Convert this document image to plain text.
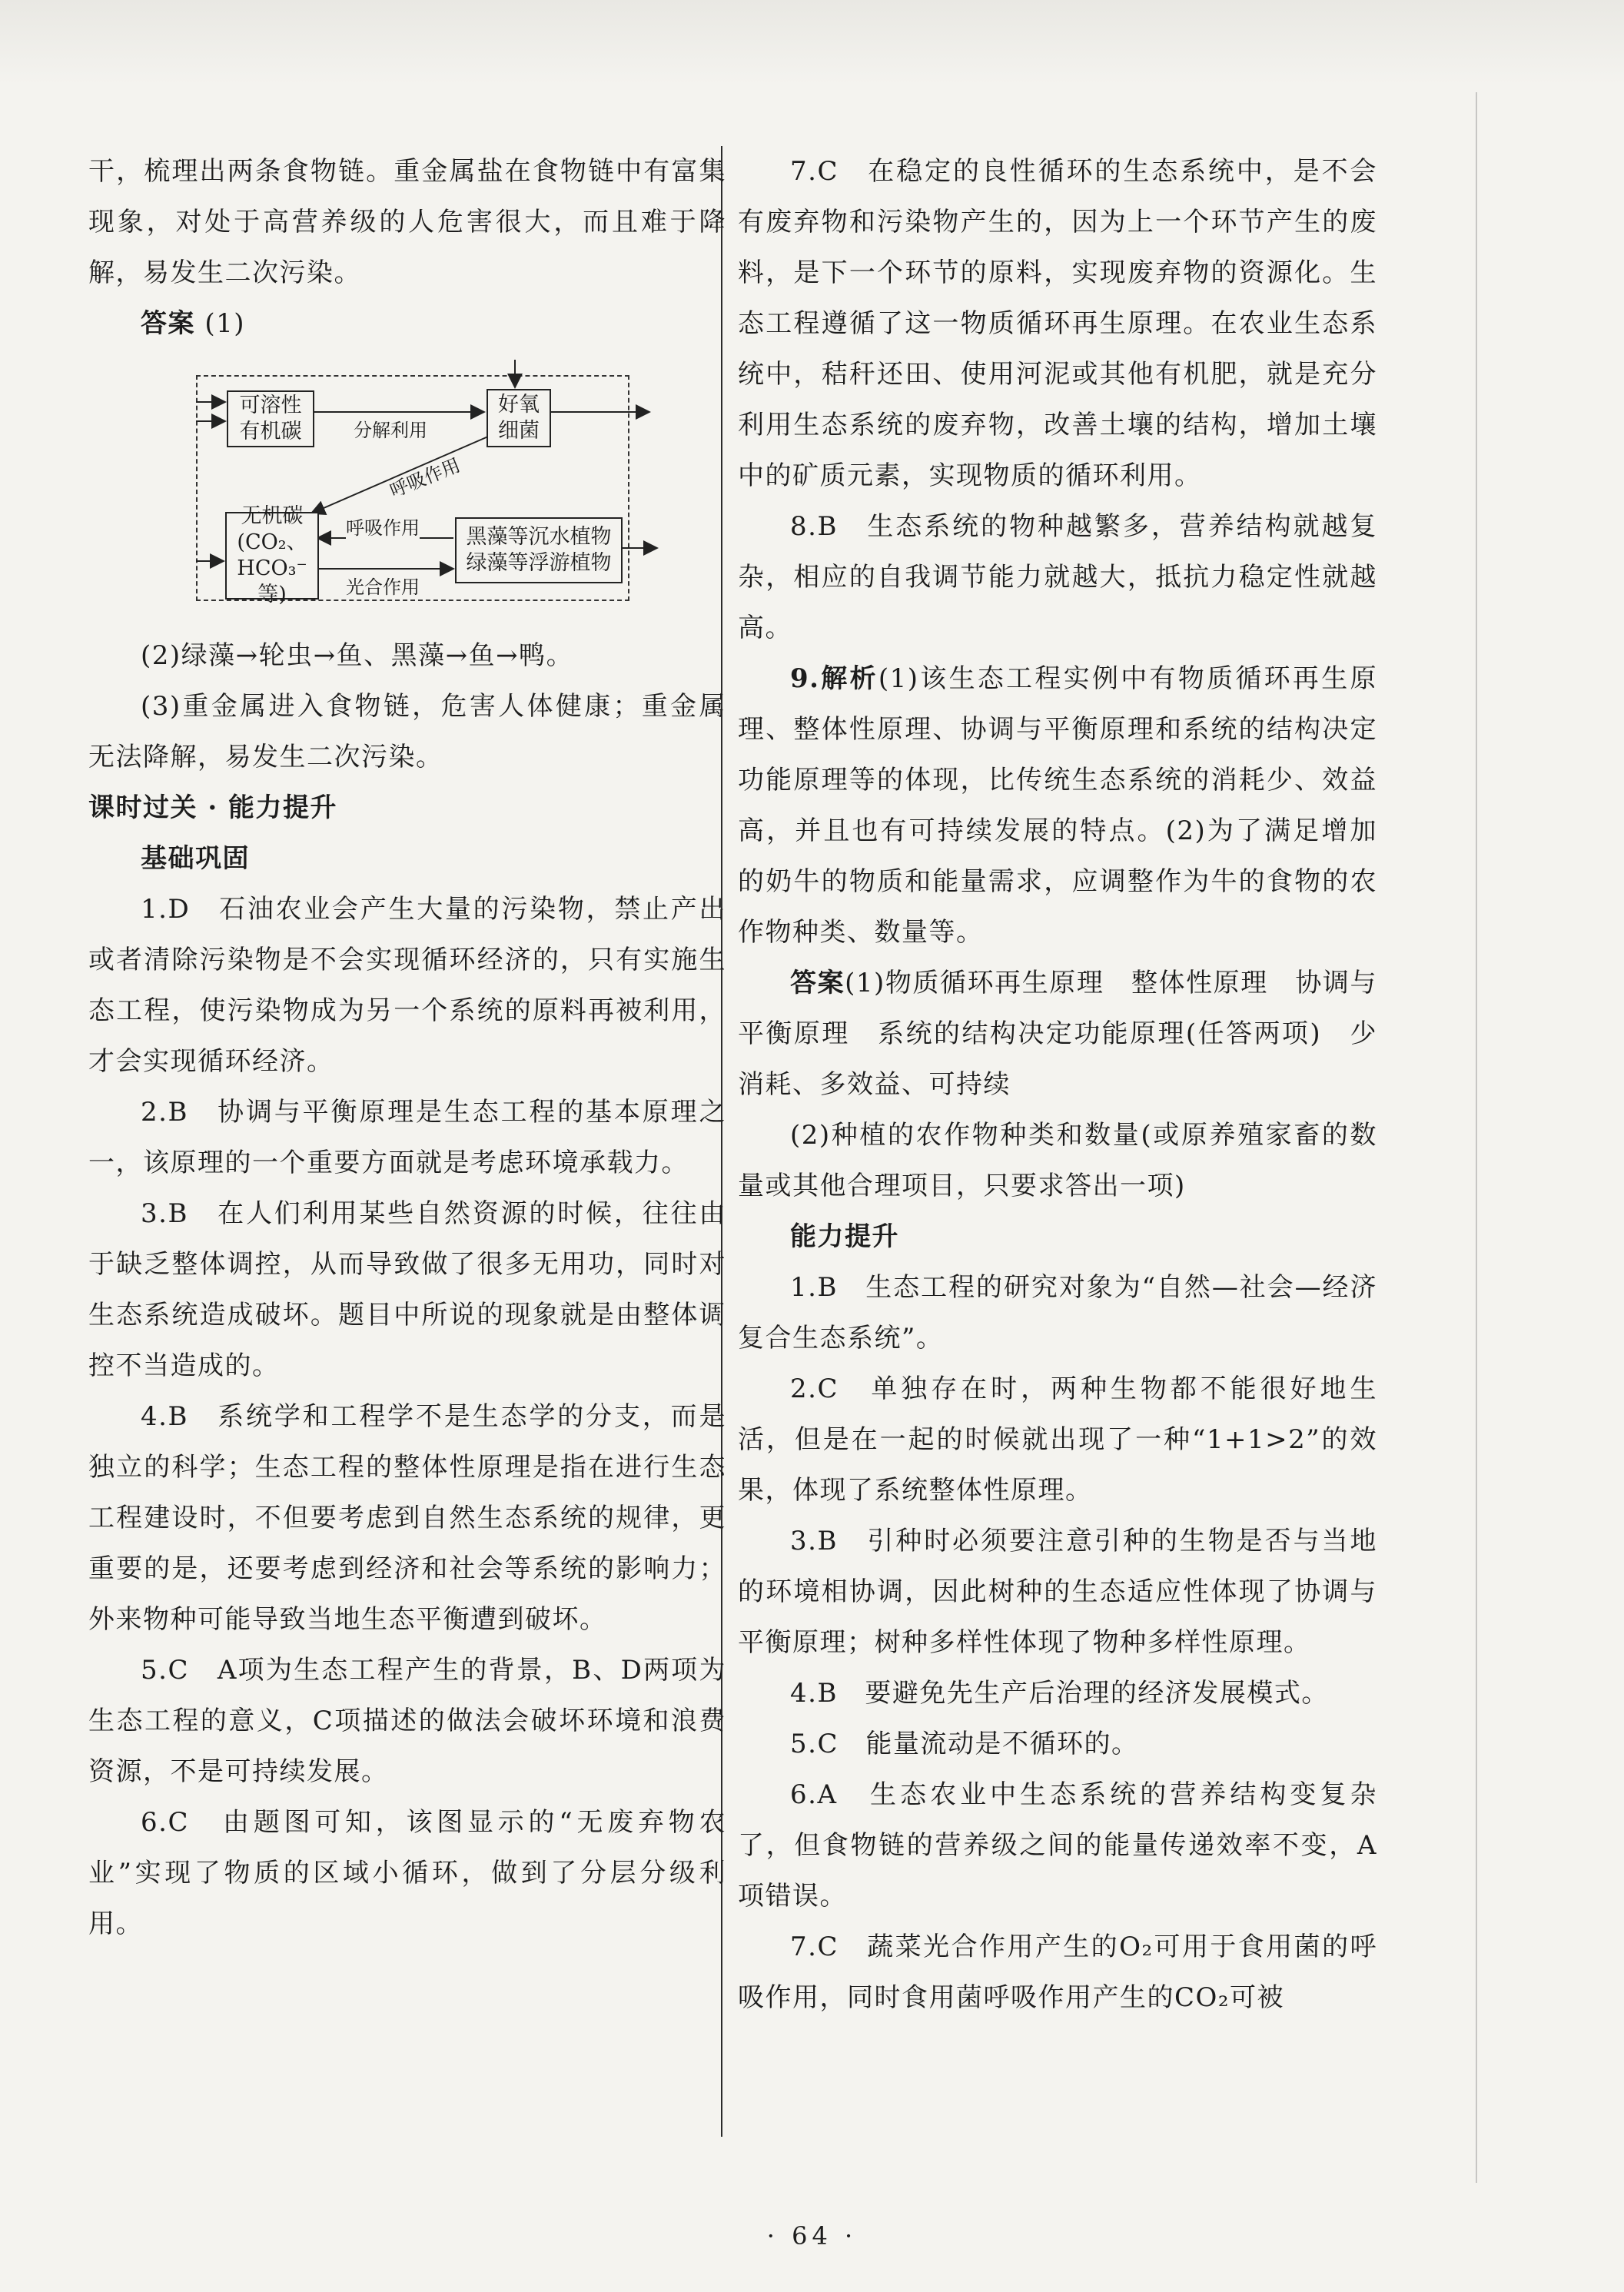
干，梳理出两条食物链。重金属盐在食物链中有富集现象，对处于高营养级的人危害很大，而且难于降解，易发生二次污染。

答案 (1)

可溶性
有机碳
好氧
细菌
无机碳
(CO₂、
HCO₃⁻等)
黑藻等沉水植物
绿藻等浮游植物
分解利用
呼吸作用
呼吸作用
光合作用

(2)绿藻→轮虫→鱼、黑藻→鱼→鸭。

(3)重金属进入食物链，危害人体健康；重金属无法降解，易发生二次污染。

课时过关 · 能力提升

基础巩固

1.D　石油农业会产生大量的污染物，禁止产出或者清除污染物是不会实现循环经济的，只有实施生态工程，使污染物成为另一个系统的原料再被利用，才会实现循环经济。

2.B　协调与平衡原理是生态工程的基本原理之一，该原理的一个重要方面就是考虑环境承载力。

3.B　在人们利用某些自然资源的时候，往往由于缺乏整体调控，从而导致做了很多无用功，同时对生态系统造成破坏。题目中所说的现象就是由整体调控不当造成的。

4.B　系统学和工程学不是生态学的分支，而是独立的科学；生态工程的整体性原理是指在进行生态工程建设时，不但要考虑到自然生态系统的规律，更重要的是，还要考虑到经济和社会等系统的影响力；外来物种可能导致当地生态平衡遭到破坏。

5.C　A项为生态工程产生的背景，B、D两项为生态工程的意义，C项描述的做法会破坏环境和浪费资源，不是可持续发展。

6.C　由题图可知，该图显示的“无废弃物农业”实现了物质的区域小循环，做到了分层分级利用。

7.C　在稳定的良性循环的生态系统中，是不会有废弃物和污染物产生的，因为上一个环节产生的废料，是下一个环节的原料，实现废弃物的资源化。生态工程遵循了这一物质循环再生原理。在农业生态系统中，秸秆还田、使用河泥或其他有机肥，就是充分利用生态系统的废弃物，改善土壤的结构，增加土壤中的矿质元素，实现物质的循环利用。

8.B　生态系统的物种越繁多，营养结构就越复杂，相应的自我调节能力就越大，抵抗力稳定性就越高。

9.解析(1)该生态工程实例中有物质循环再生原理、整体性原理、协调与平衡原理和系统的结构决定功能原理等的体现，比传统生态系统的消耗少、效益高，并且也有可持续发展的特点。(2)为了满足增加的奶牛的物质和能量需求，应调整作为牛的食物的农作物种类、数量等。

答案(1)物质循环再生原理　整体性原理　协调与平衡原理　系统的结构决定功能原理(任答两项)　少消耗、多效益、可持续

(2)种植的农作物种类和数量(或原养殖家畜的数量或其他合理项目，只要求答出一项)

能力提升

1.B　生态工程的研究对象为“自然—社会—经济复合生态系统”。

2.C　单独存在时，两种生物都不能很好地生活，但是在一起的时候就出现了一种“1+1>2”的效果，体现了系统整体性原理。

3.B　引种时必须要注意引种的生物是否与当地的环境相协调，因此树种的生态适应性体现了协调与平衡原理；树种多样性体现了物种多样性原理。

4.B　要避免先生产后治理的经济发展模式。

5.C　能量流动是不循环的。

6.A　生态农业中生态系统的营养结构变复杂了，但食物链的营养级之间的能量传递效率不变，A项错误。

7.C　蔬菜光合作用产生的O₂可用于食用菌的呼吸作用，同时食用菌呼吸作用产生的CO₂可被

· 64 ·
